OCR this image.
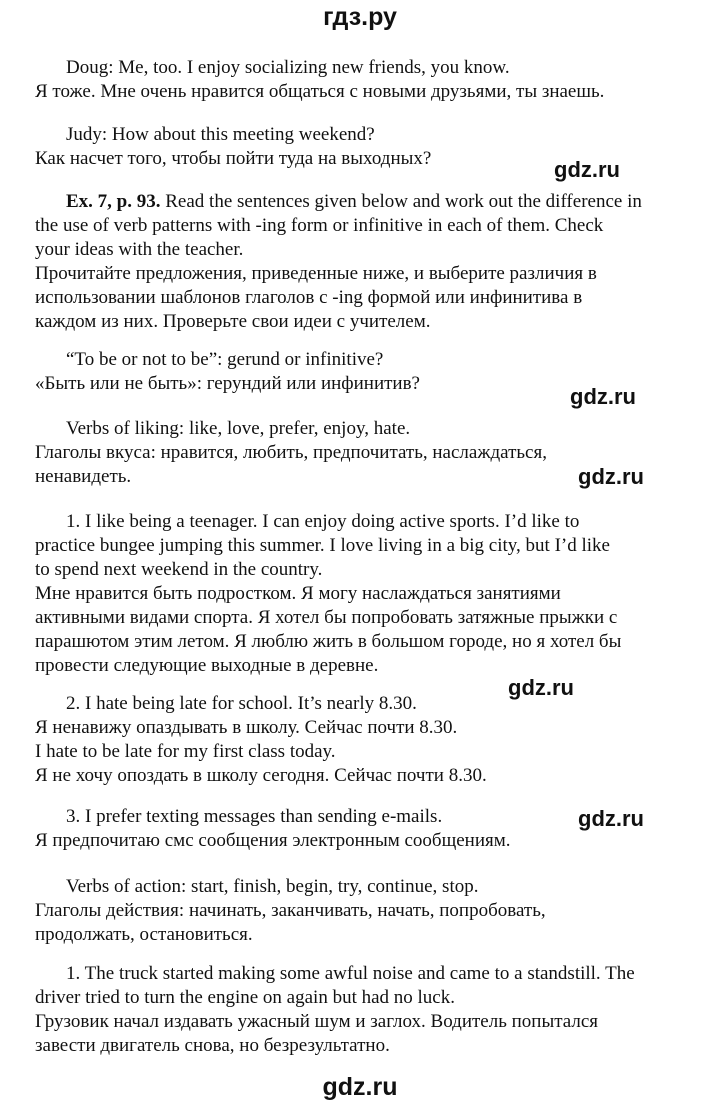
гдз.ру
Doug: Me, too. I enjoy socializing new friends, you know.
Я тоже. Мне очень нравится общаться с новыми друзьями, ты знаешь.
Judy: How about this meeting weekend?
Как насчет того, чтобы пойти туда на выходных?	gdz.ru
Ex. 7, p. 93. Read the sentences given below and work out the difference in
the use of verb patterns with -ing form or infinitive in each of them. Check
your ideas with the teacher.
Прочитайте предложения, приведенные ниже, и выберите различия в
использовании шаблонов глаголов с -ing формой или инфинитива в
каждом из них. Проверьте свои идеи с учителем.
“To be or not to be”: gerund or infinitive?
«Быть или не быть»: герундий или инфинитив?
gdz.ru
Verbs of liking: like, love, prefer, enjoy, hate.
Глаголы вкуса: нравится, любить, предпочитать, наслаждаться,
ненавидеть.	gdz.ru
1. I like being a teenager. I can enjoy doing active sports. I’d like to
practice bungee jumping this summer. I love living in a big city, but I’d like
to spend next weekend in the country.
Мне нравится быть подростком. Я могу наслаждаться занятиями
активными видами спорта. Я хотел бы попробовать затяжные прыжки с
парашютом этим летом. Я люблю жить в большом городе, но я хотел бы
провести следующие выходные в деревне.
gdz.ru
2. I hate being late for school. It’s nearly 8.30.
Я ненавижу опаздывать в школу. Сейчас почти 8.30.
I hate to be late for my first class today.
Я не хочу опоздать в школу сегодня. Сейчас почти 8.30.
3. I prefer texting messages than sending e-mails.
Я предпочитаю смс сообщения электронным сообщениям.
gdz.ru
Verbs of action: start, finish, begin, try, continue, stop.
Глаголы действия: начинать, заканчивать, начать, попробовать,
продолжать, остановиться.
1. The truck started making some awful noise and came to a standstill. The
driver tried to turn the engine on again but had no luck.
Грузовик начал издавать ужасный шум и заглох. Водитель попытался
завести двигатель снова, но безрезультатно.
gdz.ru
